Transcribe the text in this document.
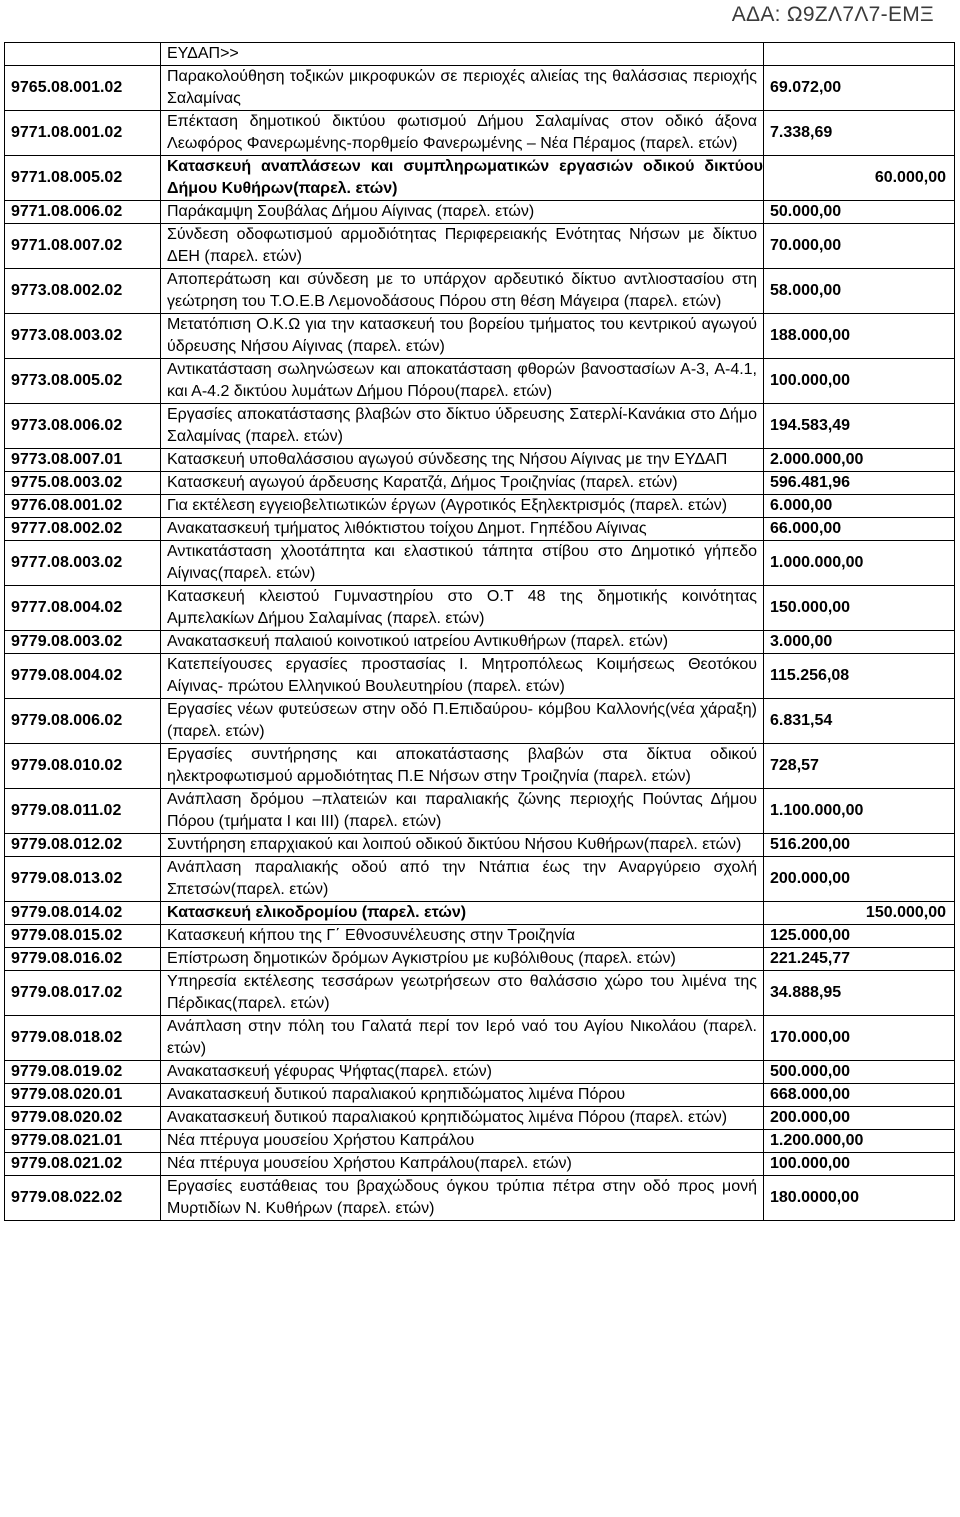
ΑΔΑ: Ω9ΖΛ7Λ7-ΕΜΞ
	ΕΥΔΑΠ>>	
9765.08.001.02	Παρακολούθηση τοξικών μικροφυκών σε περιοχές αλιείας της θαλάσσιας περιοχής Σαλαμίνας	69.072,00
9771.08.001.02	Επέκταση δημοτικού δικτύου φωτισμού Δήμου Σαλαμίνας στον οδικό άξονα Λεωφόρος Φανερωμένης-πορθμείο Φανερωμένης – Νέα Πέραμος (παρελ. ετών)	7.338,69
9771.08.005.02	Κατασκευή αναπλάσεων και συμπληρωματικών εργασιών οδικού δικτύου Δήμου Κυθήρων(παρελ. ετών)	60.000,00
9771.08.006.02	Παράκαμψη Σουβάλας Δήμου Αίγινας (παρελ. ετών)	50.000,00
9771.08.007.02	Σύνδεση οδοφωτισμού αρμοδιότητας Περιφερειακής Ενότητας Νήσων με δίκτυο ΔΕΗ (παρελ. ετών)	70.000,00
9773.08.002.02	Αποπεράτωση και σύνδεση με το υπάρχον αρδευτικό δίκτυο αντλιοστασίου στη γεώτρηση του Τ.Ο.Ε.Β Λεμονοδάσους Πόρου στη θέση Μάγειρα (παρελ. ετών)	58.000,00
9773.08.003.02	Μετατόπιση Ο.Κ.Ω για την κατασκευή του βορείου τμήματος του κεντρικού αγωγού ύδρευσης Νήσου Αίγινας (παρελ. ετών)	188.000,00
9773.08.005.02	Αντικατάσταση σωληνώσεων και αποκατάσταση φθορών βανοστασίων Α-3, Α-4.1, και Α-4.2 δικτύου λυμάτων Δήμου Πόρου(παρελ. ετών)	100.000,00
9773.08.006.02	Εργασίες αποκατάστασης βλαβών στο δίκτυο ύδρευσης Σατερλί-Κανάκια στο Δήμο Σαλαμίνας (παρελ. ετών)	194.583,49
9773.08.007.01	Κατασκευή υποθαλάσσιου αγωγού σύνδεσης της Νήσου Αίγινας με την ΕΥΔΑΠ	2.000.000,00
9775.08.003.02	Κατασκευή αγωγού άρδευσης Καρατζά, Δήμος Τροιζηνίας (παρελ. ετών)	596.481,96
9776.08.001.02	Για εκτέλεση εγγειοβελτιωτικών έργων (Αγροτικός Εξηλεκτρισμός (παρελ. ετών)	6.000,00
9777.08.002.02	Ανακατασκευή τμήματος λιθόκτιστου τοίχου Δημοτ. Γηπέδου Αίγινας	66.000,00
9777.08.003.02	Αντικατάσταση χλοοτάπητα και ελαστικού τάπητα στίβου στο Δημοτικό γήπεδο Αίγινας(παρελ. ετών)	1.000.000,00
9777.08.004.02	Κατασκευή κλειστού Γυμναστηρίου στο Ο.Τ 48 της δημοτικής κοινότητας Αμπελακίων Δήμου Σαλαμίνας (παρελ. ετών)	150.000,00
9779.08.003.02	Ανακατασκευή παλαιού κοινοτικού ιατρείου Αντικυθήρων (παρελ. ετών)	3.000,00
9779.08.004.02	Κατεπείγουσες εργασίες προστασίας Ι. Μητροπόλεως Κοιμήσεως Θεοτόκου Αίγινας- πρώτου Ελληνικού Βουλευτηρίου (παρελ. ετών)	115.256,08
9779.08.006.02	Εργασίες νέων φυτεύσεων στην οδό Π.Επιδαύρου- κόμβου Καλλονής(νέα χάραξη) (παρελ. ετών)	6.831,54
9779.08.010.02	Εργασίες συντήρησης και αποκατάστασης βλαβών στα δίκτυα οδικού ηλεκτροφωτισμού αρμοδιότητας Π.Ε Νήσων στην Τροιζηνία (παρελ. ετών)	728,57
9779.08.011.02	Ανάπλαση δρόμου –πλατειών και παραλιακής ζώνης περιοχής Πούντας Δήμου Πόρου (τμήματα Ι και ΙΙΙ) (παρελ. ετών)	1.100.000,00
9779.08.012.02	Συντήρηση επαρχιακού και λοιπού οδικού δικτύου Νήσου Κυθήρων(παρελ. ετών)	516.200,00
9779.08.013.02	Ανάπλαση παραλιακής οδού από την Ντάπια έως την Αναργύρειο σχολή Σπετσών(παρελ. ετών)	200.000,00
9779.08.014.02	Κατασκευή ελικοδρομίου (παρελ. ετών)	150.000,00
9779.08.015.02	Κατασκευή κήπου της Γ΄ Εθνοσυνέλευσης στην Τροιζηνία	125.000,00
9779.08.016.02	Επίστρωση δημοτικών δρόμων Αγκιστρίου με κυβόλιθους (παρελ. ετών)	221.245,77
9779.08.017.02	Υπηρεσία εκτέλεσης τεσσάρων γεωτρήσεων στο θαλάσσιο χώρο του λιμένα της Πέρδικας(παρελ. ετών)	34.888,95
9779.08.018.02	Ανάπλαση στην πόλη του Γαλατά περί τον Ιερό ναό του Αγίου Νικολάου (παρελ. ετών)	170.000,00
9779.08.019.02	Ανακατασκευή γέφυρας Ψήφτας(παρελ. ετών)	500.000,00
9779.08.020.01	Ανακατασκευή δυτικού παραλιακού κρηπιδώματος λιμένα Πόρου	668.000,00
9779.08.020.02	Ανακατασκευή δυτικού παραλιακού κρηπιδώματος λιμένα Πόρου (παρελ. ετών)	200.000,00
9779.08.021.01	Νέα πτέρυγα μουσείου Χρήστου Καπράλου	1.200.000,00
9779.08.021.02	Νέα πτέρυγα μουσείου Χρήστου Καπράλου(παρελ. ετών)	100.000,00
9779.08.022.02	Εργασίες ευστάθειας του βραχώδους όγκου τρύπια πέτρα στην οδό προς μονή Μυρτιδίων Ν. Κυθήρων (παρελ. ετών)	180.0000,00
